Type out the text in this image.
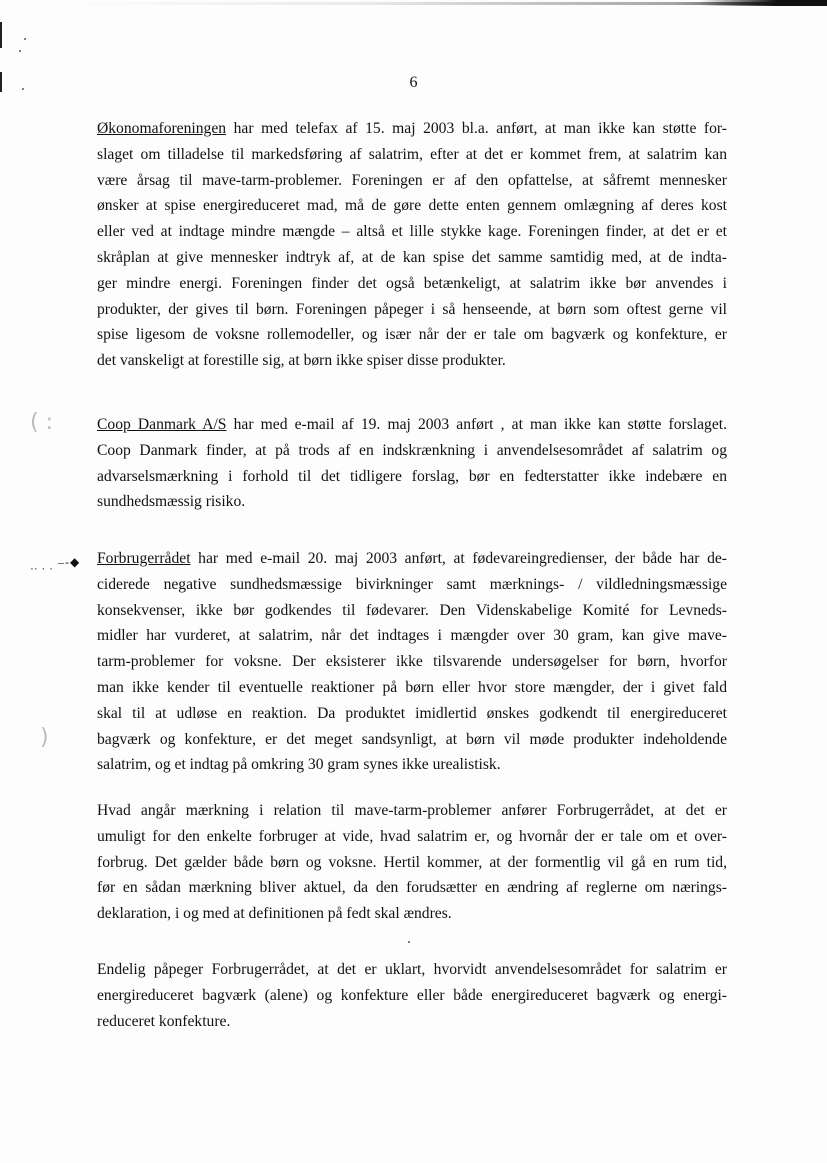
6
Økonomaforeningen har med telefax af 15. maj 2003 bl.a. anført, at man ikke kan støtte for-
slaget om tilladelse til markedsføring af salatrim, efter at det er kommet frem, at salatrim kan
være årsag til mave-tarm-problemer. Foreningen er af den opfattelse, at såfremt mennesker
ønsker at spise energireduceret mad, må de gøre dette enten gennem omlægning af deres kost
eller ved at indtage mindre mængde – altså et lille stykke kage. Foreningen finder, at det er et
skråplan at give mennesker indtryk af, at de kan spise det samme samtidig med, at de indta-
ger mindre energi. Foreningen finder det også betænkeligt, at salatrim ikke bør anvendes i
produkter, der gives til børn. Foreningen påpeger i så henseende, at børn som oftest gerne vil
spise ligesom de voksne rollemodeller, og især når der er tale om bagværk og konfekture, er
det vanskeligt at forestille sig, at børn ikke spiser disse produkter.
( :	Coop Danmark A/S har med e-mail af 19. maj 2003 anført , at man ikke kan støtte forslaget.
Coop Danmark finder, at på trods af en indskrænkning i anvendelsesområdet af salatrim og
advarselsmærkning i forhold til det tidligere forslag, bør en fedterstatter ikke indebære en
sundhedsmæssig risiko.
‒ - ◆
·· · ·
Forbrugerrådet har med e-mail 20. maj 2003 anført, at fødevareingredienser, der både har de-
ciderede negative sundhedsmæssige bivirkninger samt mærknings- / vildledningsmæssige
konsekvenser, ikke bør godkendes til fødevarer. Den Videnskabelige Komité for Levneds-
midler har vurderet, at salatrim, når det indtages i mængder over 30 gram, kan give mave-
tarm-problemer for voksne. Der eksisterer ikke tilsvarende undersøgelser for børn, hvorfor
man ikke kender til eventuelle reaktioner på børn eller hvor store mængder, der i givet fald
skal til at udløse en reaktion. Da produktet imidlertid ønskes godkendt til energireduceret
bagværk og konfekture, er det meget sandsynligt, at børn vil møde produkter indeholdende
salatrim, og et indtag på omkring 30 gram synes ikke urealistisk.
)
Hvad angår mærkning i relation til mave-tarm-problemer anfører Forbrugerrådet, at det er
umuligt for den enkelte forbruger at vide, hvad salatrim er, og hvornår der er tale om et over-
forbrug. Det gælder både børn og voksne. Hertil kommer, at der formentlig vil gå en rum tid,
før en sådan mærkning bliver aktuel, da den forudsætter en ændring af reglerne om nærings-
deklaration, i og med at definitionen på fedt skal ændres.
Endelig påpeger Forbrugerrådet, at det er uklart, hvorvidt anvendelsesområdet for salatrim er
energireduceret bagværk (alene) og konfekture eller både energireduceret bagværk og energi-
reduceret konfekture.
